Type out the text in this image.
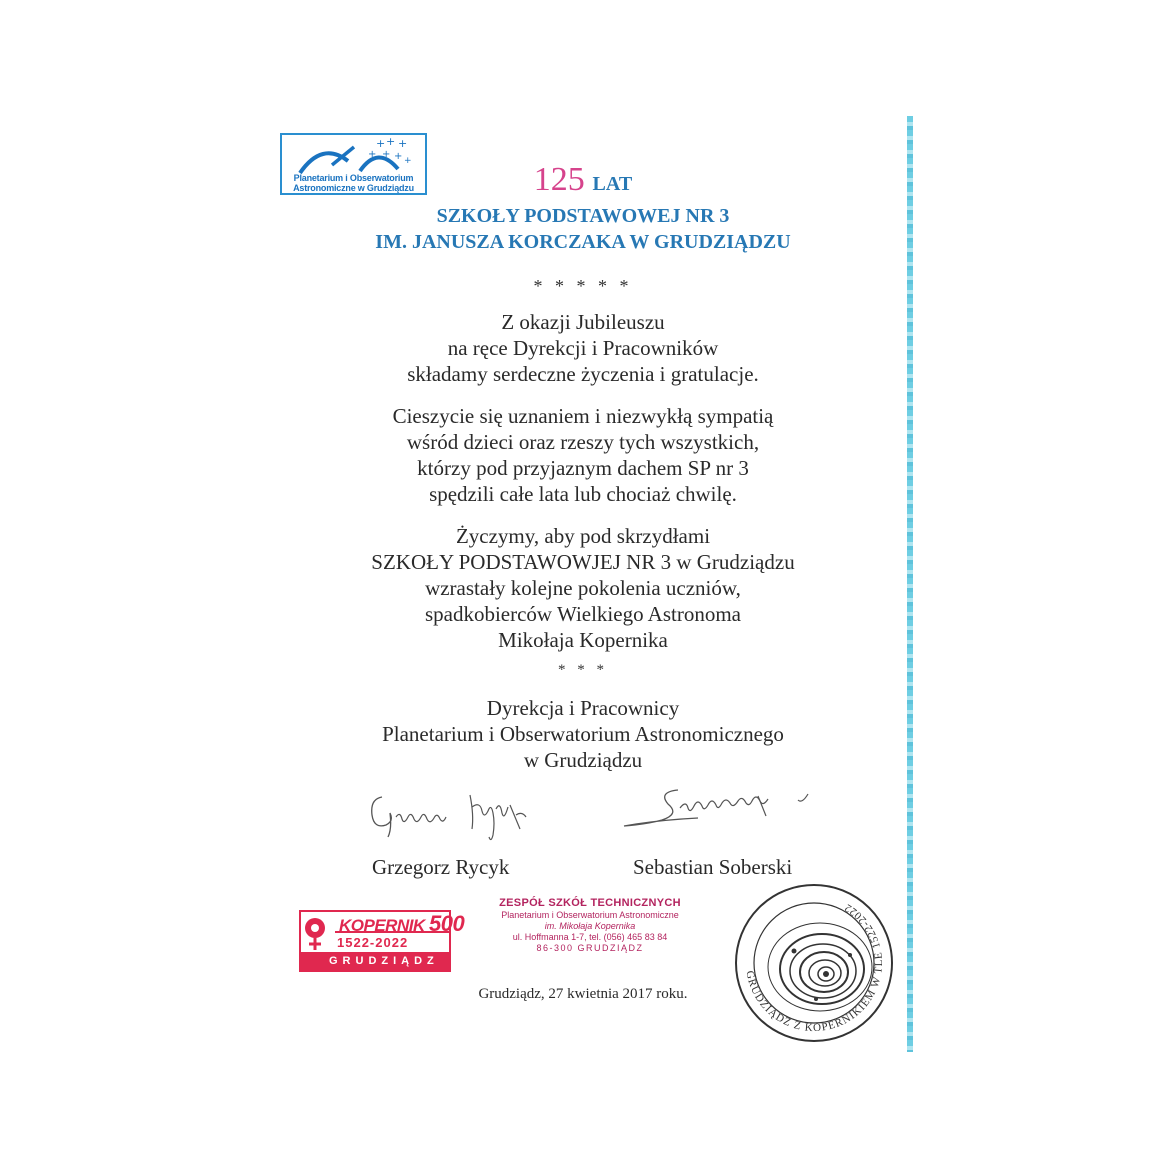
+ + +
+ + + +
Planetarium i Obserwatorium
Astronomiczne w Grudziądzu	125 LAT
SZKOŁY PODSTAWOWEJ NR 3
IM. JANUSZA KORCZAKA W GRUDZIĄDZU
* * * * *
Z okazji Jubileuszu
na ręce Dyrekcji i Pracowników
składamy serdeczne życzenia i gratulacje.
Cieszycie się uznaniem i niezwykłą sympatią
wśród dzieci oraz rzeszy tych wszystkich,
którzy pod przyjaznym dachem SP nr 3
spędzili całe lata lub chociaż chwilę.
Życzymy, aby pod skrzydłami
SZKOŁY PODSTAWOWJEJ NR 3 w Grudziądzu
wzrastały kolejne pokolenia uczniów,
spadkobierców Wielkiego Astronoma
Mikołaja Kopernika
* * *
Dyrekcja i Pracownicy
Planetarium i Obserwatorium Astronomicznego
w Grudziądzu
Grzegorz Rycyk	Sebastian Soberski
KOPERNIK 500
1522-2022
GRUDZIĄDZ
ZESPÓŁ SZKÓŁ TECHNICZNYCH
Planetarium i Obserwatorium Astronomiczne
im. Mikołaja Kopernika
ul. Hoffmanna 1-7, tel. (056) 465 83 84
86-300 GRUDZIĄDZ
Grudziądz, 27 kwietnia 2017 roku.
GRUDZIĄDZ Z KOPERNIKIEM W TLE 1522-2022
